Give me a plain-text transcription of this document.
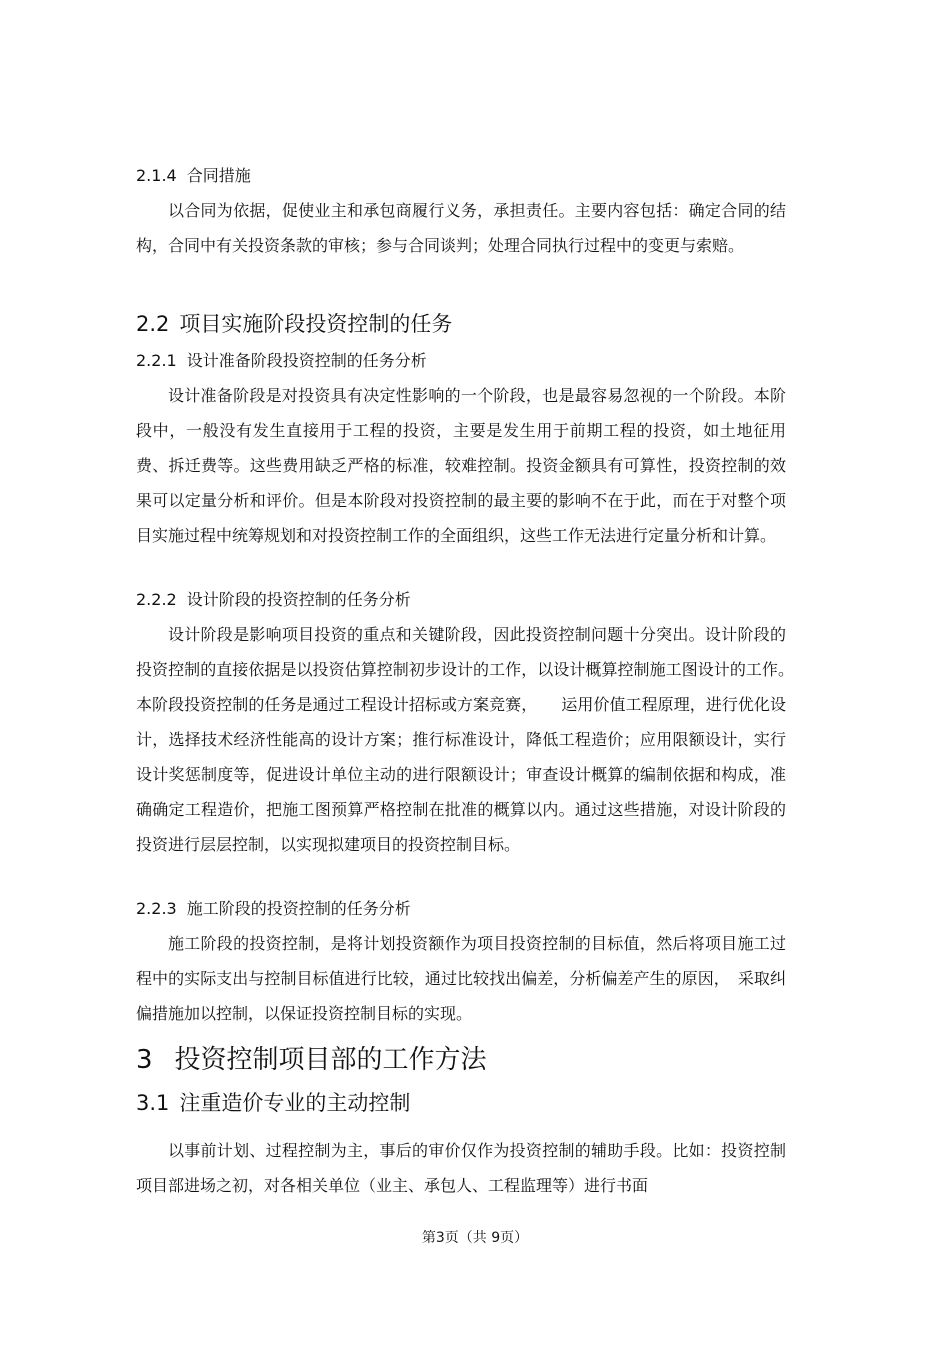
2.1.4 合同措施
以合同为依据，促使业主和承包商履行义务，承担责任。主要内容包括：确定合同的结构，合同中有关投资条款的审核；参与合同谈判；处理合同执行过程中的变更与索赔。
2.2 项目实施阶段投资控制的任务
2.2.1 设计准备阶段投资控制的任务分析
设计准备阶段是对投资具有决定性影响的一个阶段，也是最容易忽视的一个阶段。本阶段中，一般没有发生直接用于工程的投资，主要是发生用于前期工程的投资，如土地征用费、拆迁费等。这些费用缺乏严格的标准，较难控制。投资金额具有可算性，投资控制的效果可以定量分析和评价。但是本阶段对投资控制的最主要的影响不在于此，而在于对整个项目实施过程中统筹规划和对投资控制工作的全面组织，这些工作无法进行定量分析和计算。
2.2.2 设计阶段的投资控制的任务分析
设计阶段是影响项目投资的重点和关键阶段，因此投资控制问题十分突出。设计阶段的投资控制的直接依据是以投资估算控制初步设计的工作，以设计概算控制施工图设计的工作。　本阶段投资控制的任务是通过工程设计招标或方案竞赛，　　运用价值工程原理，进行优化设计，选择技术经济性能高的设计方案；推行标准设计，降低工程造价；应用限额设计，实行设计奖惩制度等，促进设计单位主动的进行限额设计；审查设计概算的编制依据和构成，准确确定工程造价，把施工图预算严格控制在批准的概算以内。通过这些措施，对设计阶段的投资进行层层控制，以实现拟建项目的投资控制目标。
2.2.3 施工阶段的投资控制的任务分析
施工阶段的投资控制，是将计划投资额作为项目投资控制的目标值，然后将项目施工过程中的实际支出与控制目标值进行比较，通过比较找出偏差，分析偏差产生的原因，　采取纠偏措施加以控制，以保证投资控制目标的实现。
3 投资控制项目部的工作方法
3.1 注重造价专业的主动控制
以事前计划、过程控制为主，事后的审价仅作为投资控制的辅助手段。比如：投资控制项目部进场之初，对各相关单位（业主、承包人、工程监理等）进行书面
第3页（共 9页）
